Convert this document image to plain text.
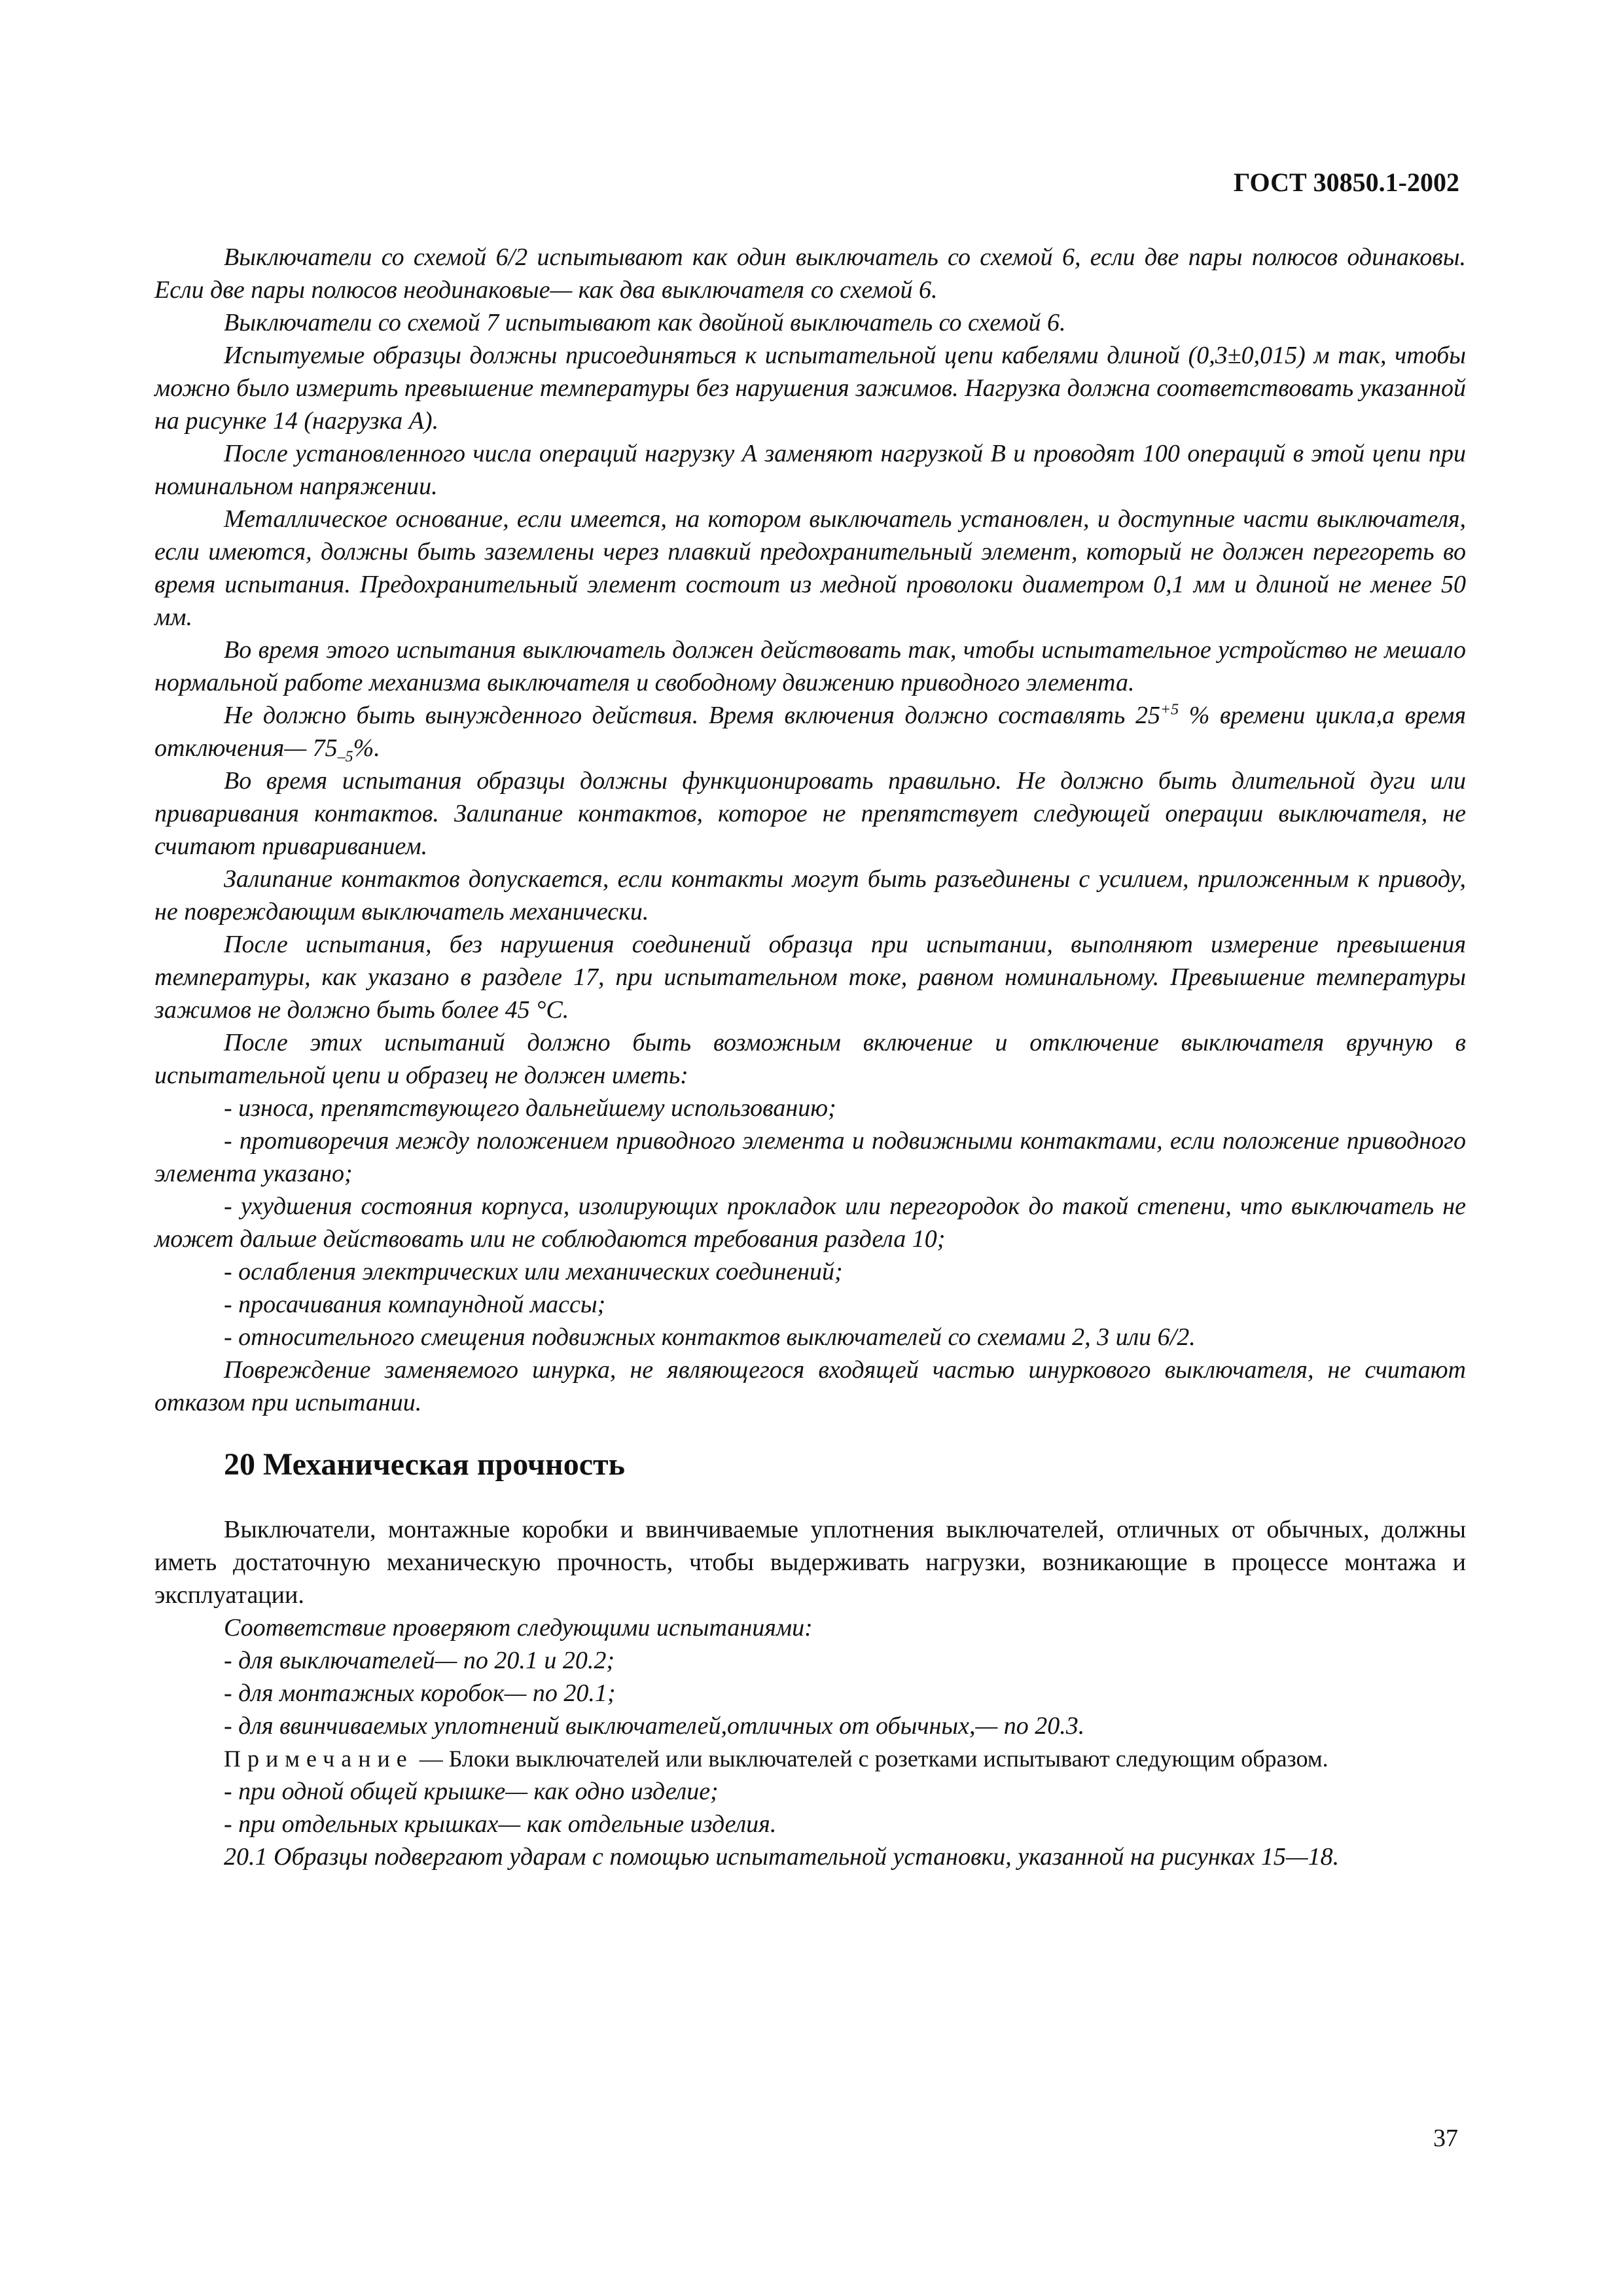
ГОСТ 30850.1-2002

Выключатели со схемой 6/2 испытывают как один выключатель со схемой 6, если две пары полюсов одинаковы. Если две пары полюсов неодинаковые— как два выключателя со схемой 6.

Выключатели со схемой 7 испытывают как двойной выключатель со схемой 6.

Испытуемые образцы должны присоединяться к испытательной цепи кабелями длиной (0,3±0,015) м так, чтобы можно было измерить превышение температуры без нарушения зажимов. Нагрузка должна соответствовать указанной на рисунке 14 (нагрузка А).

После установленного числа операций нагрузку А заменяют нагрузкой В и проводят 100 операций в этой цепи при номинальном напряжении.

Металлическое основание, если имеется, на котором выключатель установлен, и доступные части выключателя, если имеются, должны быть заземлены через плавкий предохранительный элемент, который не должен перегореть во время испытания. Предохранительный элемент состоит из медной проволоки диаметром 0,1 мм и длиной не менее 50 мм.

Во время этого испытания выключатель должен действовать так, чтобы испытательное устройство не мешало нормальной работе механизма выключателя и свободному движению приводного элемента.

Не должно быть вынужденного действия. Время включения должно составлять $25^{+5}$ % времени цикла,а время отключения— $75_{-5}\%$.

Во время испытания образцы должны функционировать правильно. Не должно быть длительной дуги или приваривания контактов. Залипание контактов, которое не препятствует следующей операции выключателя, не считают привариванием.

Залипание контактов допускается, если контакты могут быть разъединены с усилием, приложенным к приводу, не повреждающим выключатель механически.

После испытания, без нарушения соединений образца при испытании, выполняют измерение превышения температуры, как указано в разделе 17, при испытательном токе, равном номинальному. Превышение температуры зажимов не должно быть более 45 °С.

После этих испытаний должно быть возможным включение и отключение выключателя вручную в испытательной цепи и образец не должен иметь:

- износа, препятствующего дальнейшему использованию;

- противоречия между положением приводного элемента и подвижными контактами, если положение приводного элемента указано;

- ухудшения состояния корпуса, изолирующих прокладок или перегородок до такой степени, что выключатель не может дальше действовать или не соблюдаются требования раздела 10;

- ослабления электрических или механических соединений;

- просачивания компаундной массы;

- относительного смещения подвижных контактов выключателей со схемами 2, 3 или 6/2.

Повреждение заменяемого шнурка, не являющегося входящей частью шнуркового выключателя, не считают отказом при испытании.

20 Механическая прочность

Выключатели, монтажные коробки и ввинчиваемые уплотнения выключателей, отличных от обычных, должны иметь достаточную механическую прочность, чтобы выдерживать нагрузки, возникающие в процессе монтажа и эксплуатации.

Соответствие проверяют следующими испытаниями:

- для выключателей— по 20.1 и 20.2;

- для монтажных коробок— по 20.1;

- для ввинчиваемых уплотнений выключателей,отличных от обычных,— по 20.3.

Примечание — Блоки выключателей или выключателей с розетками испытывают следующим образом.

- при одной общей крышке— как одно изделие;

- при отдельных крышках— как отдельные изделия.

20.1 Образцы подвергают ударам с помощью испытательной установки, указанной на рисунках 15—18.

37
